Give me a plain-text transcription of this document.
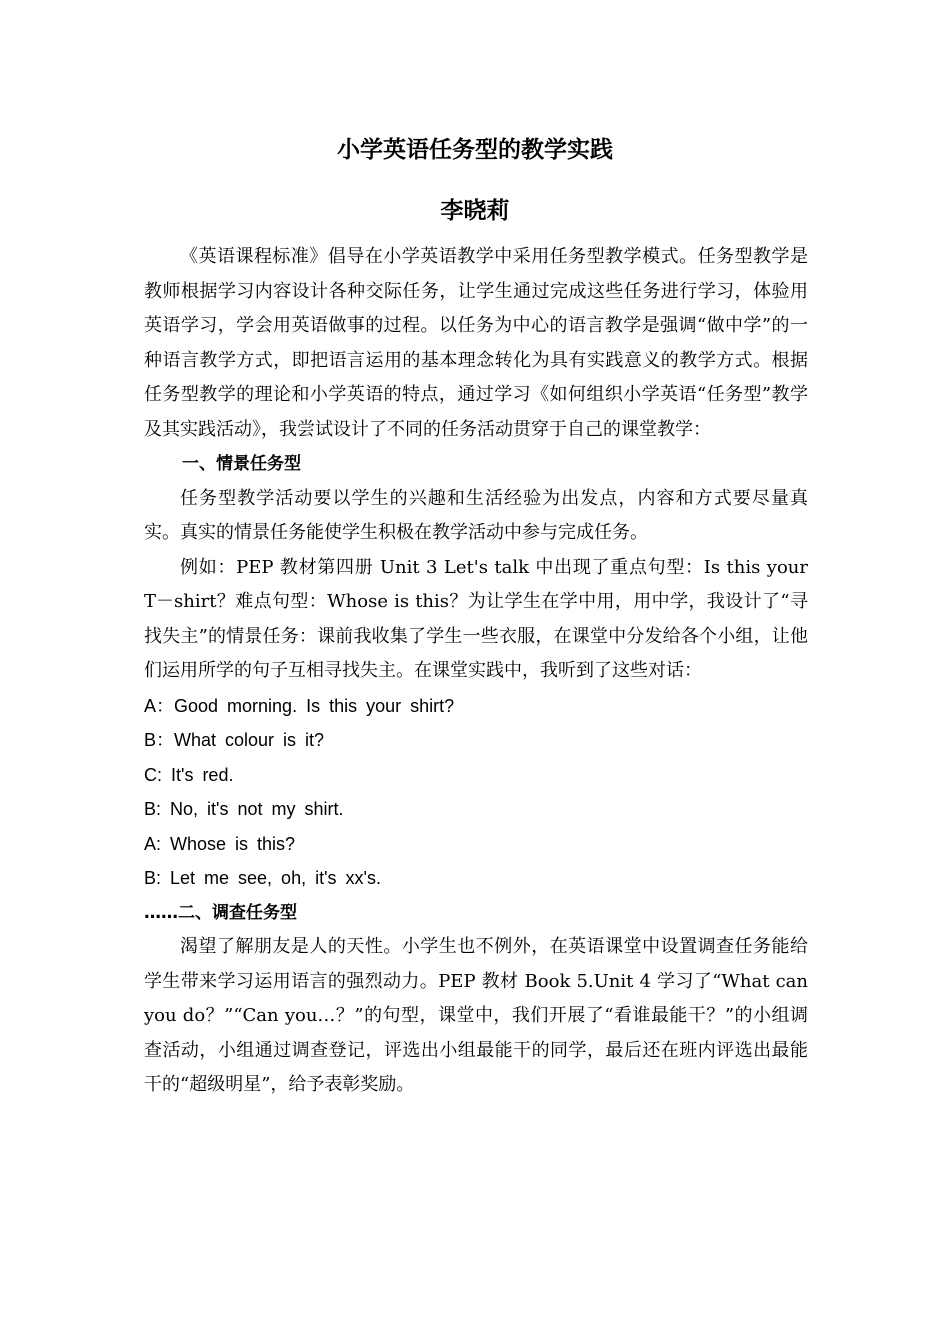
小学英语任务型的教学实践
李晓莉

《英语课程标准》倡导在小学英语教学中采用任务型教学模式。任务型教学是教师根据学习内容设计各种交际任务，让学生通过完成这些任务进行学习，体验用英语学习，学会用英语做事的过程。以任务为中心的语言教学是强调“做中学”的一种语言教学方式，即把语言运用的基本理念转化为具有实践意义的教学方式。根据任务型教学的理论和小学英语的特点，通过学习《如何组织小学英语“任务型”教学及其实践活动》，我尝试设计了不同的任务活动贯穿于自己的课堂教学：

一、情景任务型

任务型教学活动要以学生的兴趣和生活经验为出发点，内容和方式要尽量真实。真实的情景任务能使学生积极在教学活动中参与完成任务。

例如：PEP 教材第四册 Unit 3 Let's talk 中出现了重点句型：Is this your T－shirt？难点句型：Whose is this？为让学生在学中用，用中学，我设计了“寻找失主”的情景任务：课前我收集了学生一些衣服，在课堂中分发给各个小组，让他们运用所学的句子互相寻找失主。在课堂实践中，我听到了这些对话：

A：Good morning. Is this your shirt?

B：What colour is it?

C: It's red.

B: No, it's not my shirt.

A: Whose is this?

B: Let me see, oh, it's xx's.

……二、调查任务型

渴望了解朋友是人的天性。小学生也不例外，在英语课堂中设置调查任务能给学生带来学习运用语言的强烈动力。PEP 教材 Book 5.Unit 4 学习了“What can you do？”“Can you…？”的句型，课堂中，我们开展了“看谁最能干？”的小组调查活动，小组通过调查登记，评选出小组最能干的同学，最后还在班内评选出最能干的“超级明星”，给予表彰奖励。
